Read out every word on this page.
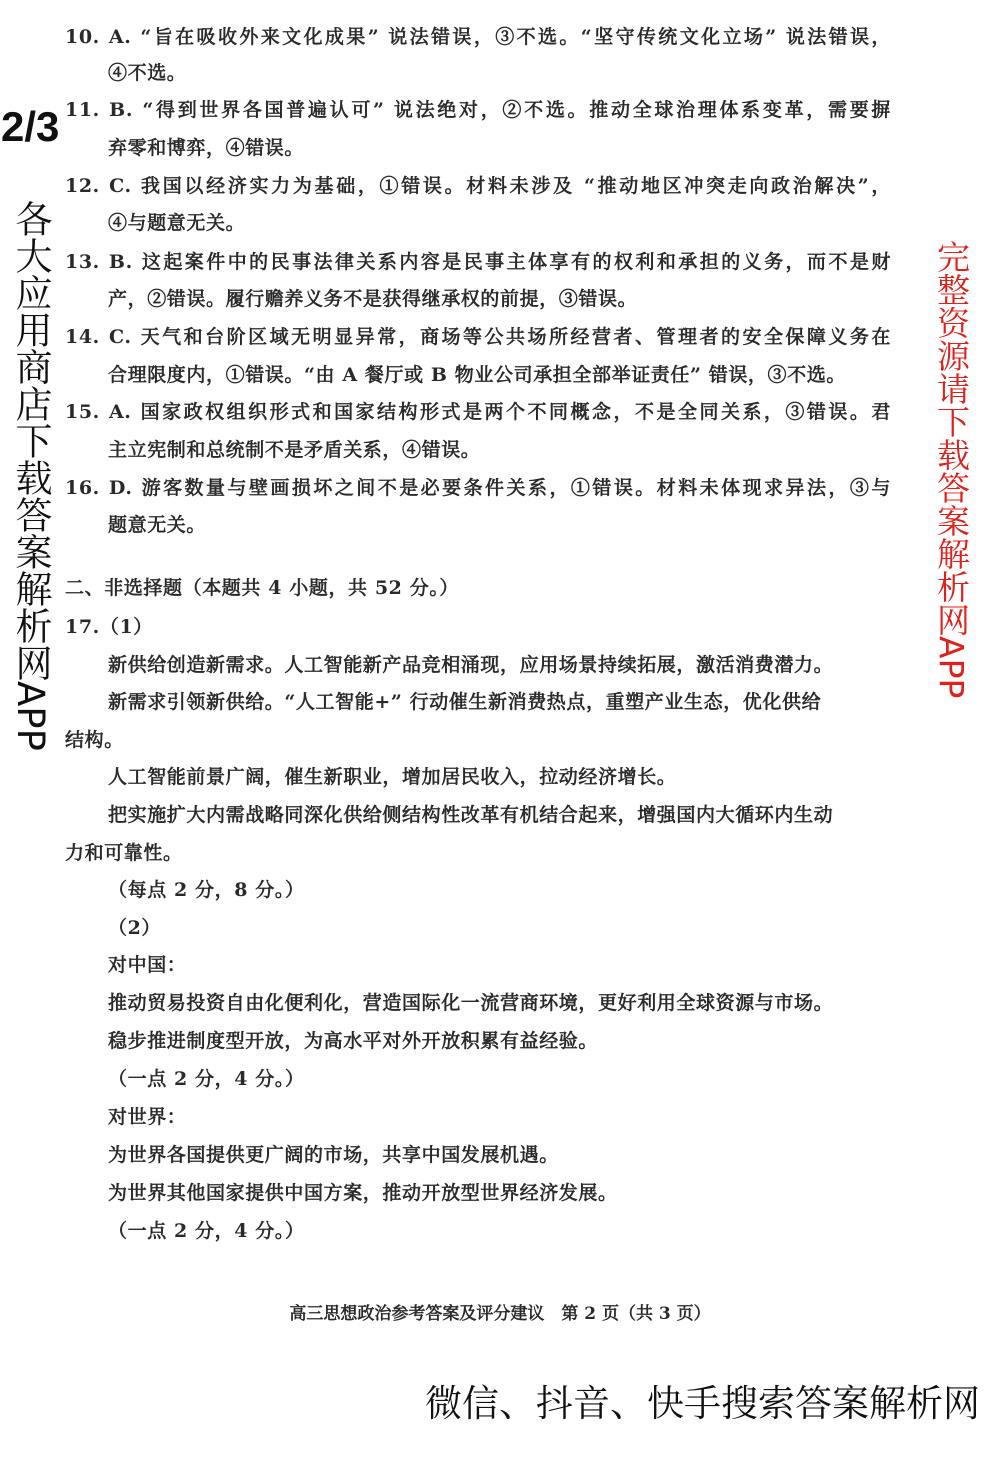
10. A. “旨在吸收外来文化成果” 说法错误，③不选。“坚守传统文化立场” 说法错误，
④不选。
11. B. “得到世界各国普遍认可” 说法绝对，②不选。推动全球治理体系变革，需要摒
弃零和博弈，④错误。
12. C. 我国以经济实力为基础，①错误。材料未涉及 “推动地区冲突走向政治解决”，
④与题意无关。
13. B. 这起案件中的民事法律关系内容是民事主体享有的权利和承担的义务，而不是财
产，②错误。履行赡养义务不是获得继承权的前提，③错误。
14. C. 天气和台阶区域无明显异常，商场等公共场所经营者、管理者的安全保障义务在
合理限度内，①错误。“由 A 餐厅或 B 物业公司承担全部举证责任” 错误，③不选。
15. A. 国家政权组织形式和国家结构形式是两个不同概念，不是全同关系，③错误。君
主立宪制和总统制不是矛盾关系，④错误。
16. D. 游客数量与壁画损坏之间不是必要条件关系，①错误。材料未体现求异法，③与
题意无关。
二、非选择题（本题共 4 小题，共 52 分。）
17.（1）
新供给创造新需求。人工智能新产品竞相涌现，应用场景持续拓展，激活消费潜力。
新需求引领新供给。“人工智能+” 行动催生新消费热点，重塑产业生态，优化供给
结构。
人工智能前景广阔，催生新职业，增加居民收入，拉动经济增长。
把实施扩大内需战略同深化供给侧结构性改革有机结合起来，增强国内大循环内生动
力和可靠性。
（每点 2 分，8 分。）
（2）
对中国：
推动贸易投资自由化便利化，营造国际化一流营商环境，更好利用全球资源与市场。
稳步推进制度型开放，为高水平对外开放积累有益经验。
（一点 2 分，4 分。）
对世界：
为世界各国提供更广阔的市场，共享中国发展机遇。
为世界其他国家提供中国方案，推动开放型世界经济发展。
（一点 2 分，4 分。）
高三思想政治参考答案及评分建议　第 2 页（共 3 页）
2/3
各大应用商店下载答案解析网APP	完整资源请下载答案解析网APP
微信、抖音、快手搜索答案解析网
